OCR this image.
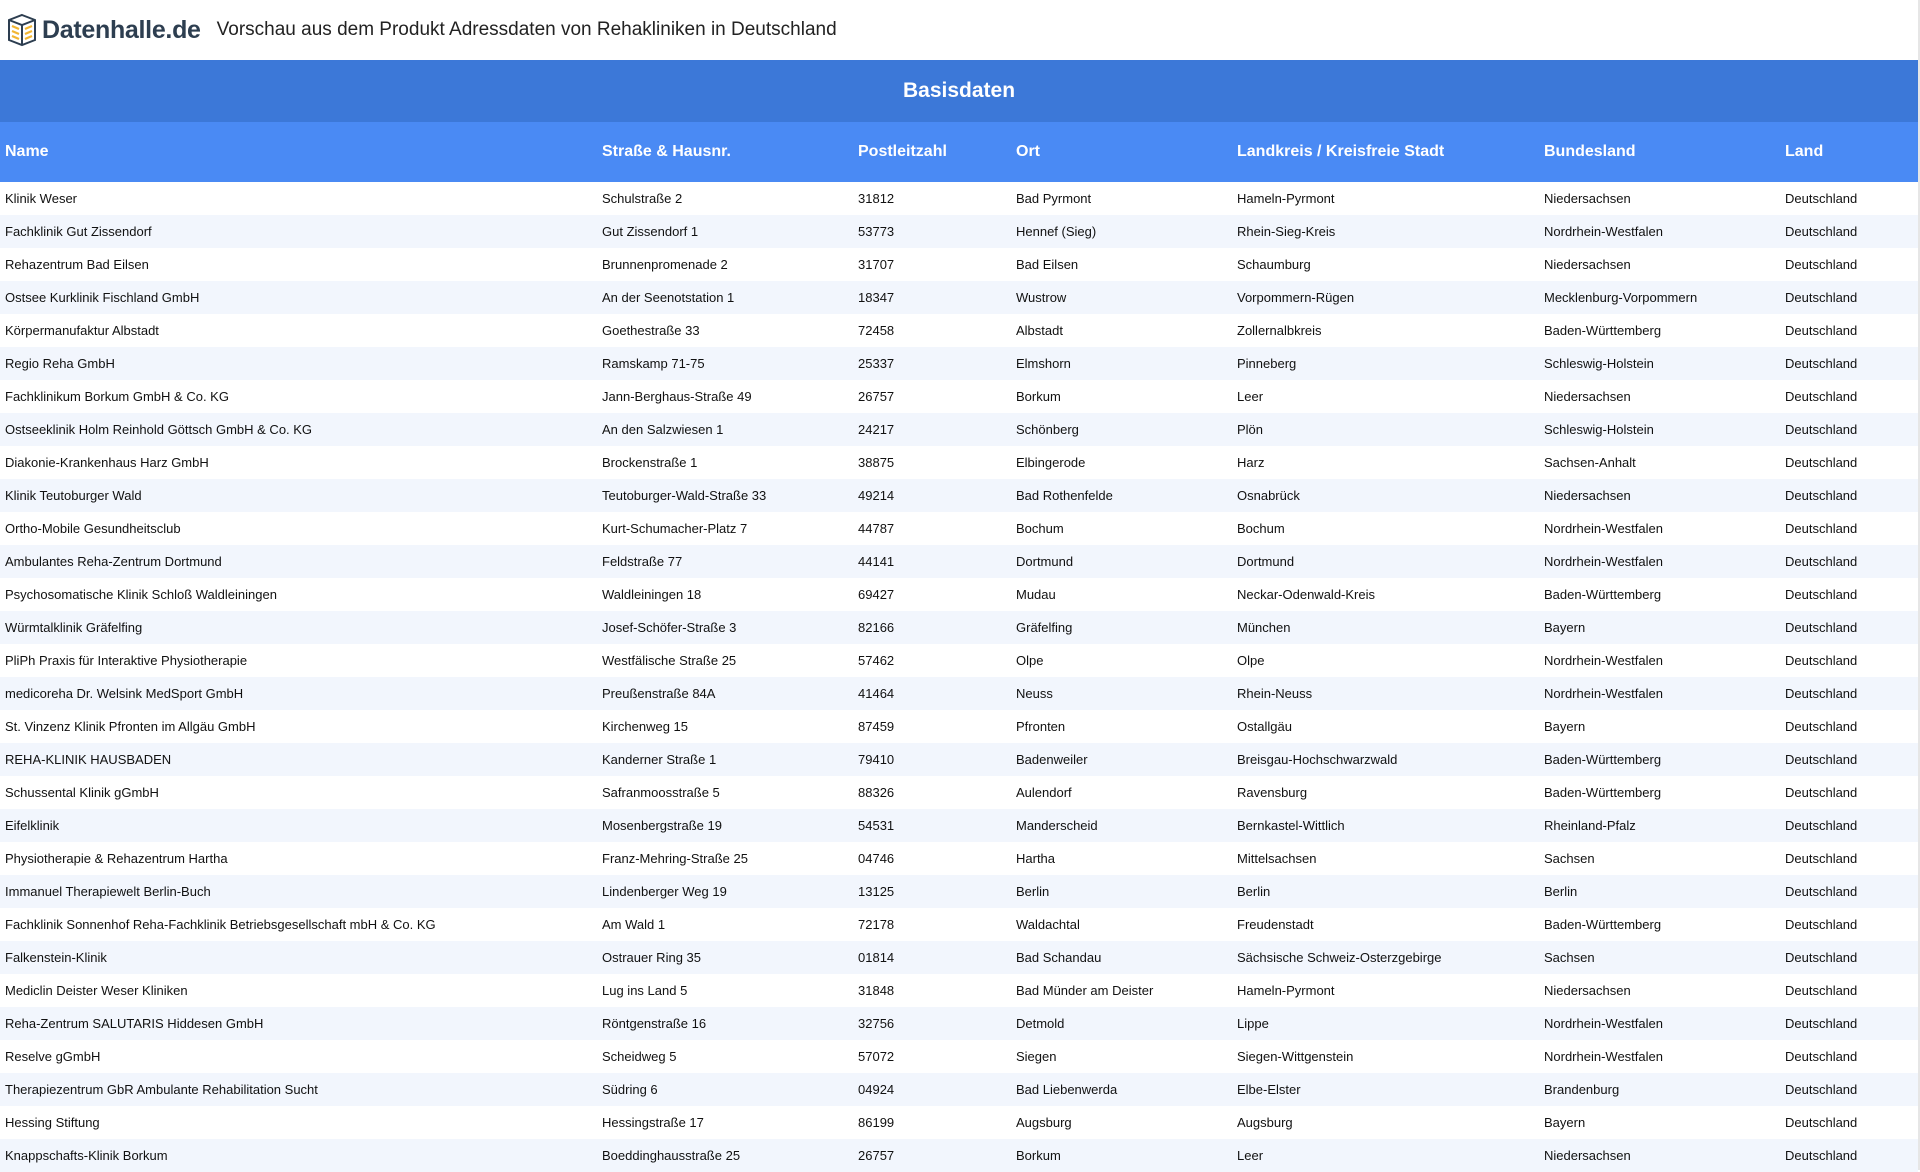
Datenhalle.de Vorschau aus dem Produkt Adressdaten von Rehakliniken in Deutschland
Basisdaten						
Name	Straße & Hausnr.	Postleitzahl	Ort	Landkreis / Kreisfreie Stadt	Bundesland	Land
Klinik Weser	Schulstraße 2	31812	Bad Pyrmont	Hameln-Pyrmont	Niedersachsen	Deutschland
Fachklinik Gut Zissendorf	Gut Zissendorf 1	53773	Hennef (Sieg)	Rhein-Sieg-Kreis	Nordrhein-Westfalen	Deutschland
Rehazentrum Bad Eilsen	Brunnenpromenade 2	31707	Bad Eilsen	Schaumburg	Niedersachsen	Deutschland
Ostsee Kurklinik Fischland GmbH	An der Seenotstation 1	18347	Wustrow	Vorpommern-Rügen	Mecklenburg-Vorpommern	Deutschland
Körpermanufaktur Albstadt	Goethestraße 33	72458	Albstadt	Zollernalbkreis	Baden-Württemberg	Deutschland
Regio Reha GmbH	Ramskamp 71-75	25337	Elmshorn	Pinneberg	Schleswig-Holstein	Deutschland
Fachklinikum Borkum GmbH & Co. KG	Jann-Berghaus-Straße 49	26757	Borkum	Leer	Niedersachsen	Deutschland
Ostseeklinik Holm Reinhold Göttsch GmbH & Co. KG	An den Salzwiesen 1	24217	Schönberg	Plön	Schleswig-Holstein	Deutschland
Diakonie-Krankenhaus Harz GmbH	Brockenstraße 1	38875	Elbingerode	Harz	Sachsen-Anhalt	Deutschland
Klinik Teutoburger Wald	Teutoburger-Wald-Straße 33	49214	Bad Rothenfelde	Osnabrück	Niedersachsen	Deutschland
Ortho-Mobile Gesundheitsclub	Kurt-Schumacher-Platz 7	44787	Bochum	Bochum	Nordrhein-Westfalen	Deutschland
Ambulantes Reha-Zentrum Dortmund	Feldstraße 77	44141	Dortmund	Dortmund	Nordrhein-Westfalen	Deutschland
Psychosomatische Klinik Schloß Waldleiningen	Waldleiningen 18	69427	Mudau	Neckar-Odenwald-Kreis	Baden-Württemberg	Deutschland
Würmtalklinik Gräfelfing	Josef-Schöfer-Straße 3	82166	Gräfelfing	München	Bayern	Deutschland
PliPh Praxis für Interaktive Physiotherapie	Westfälische Straße 25	57462	Olpe	Olpe	Nordrhein-Westfalen	Deutschland
medicoreha Dr. Welsink MedSport GmbH	Preußenstraße 84A	41464	Neuss	Rhein-Neuss	Nordrhein-Westfalen	Deutschland
St. Vinzenz Klinik Pfronten im Allgäu GmbH	Kirchenweg 15	87459	Pfronten	Ostallgäu	Bayern	Deutschland
REHA-KLINIK HAUSBADEN	Kanderner Straße 1	79410	Badenweiler	Breisgau-Hochschwarzwald	Baden-Württemberg	Deutschland
Schussental Klinik gGmbH	Safranmoosstraße 5	88326	Aulendorf	Ravensburg	Baden-Württemberg	Deutschland
Eifelklinik	Mosenbergstraße 19	54531	Manderscheid	Bernkastel-Wittlich	Rheinland-Pfalz	Deutschland
Physiotherapie & Rehazentrum Hartha	Franz-Mehring-Straße 25	04746	Hartha	Mittelsachsen	Sachsen	Deutschland
Immanuel Therapiewelt Berlin-Buch	Lindenberger Weg 19	13125	Berlin	Berlin	Berlin	Deutschland
Fachklinik Sonnenhof Reha-Fachklinik Betriebsgesellschaft mbH & Co. KG	Am Wald 1	72178	Waldachtal	Freudenstadt	Baden-Württemberg	Deutschland
Falkenstein-Klinik	Ostrauer Ring 35	01814	Bad Schandau	Sächsische Schweiz-Osterzgebirge	Sachsen	Deutschland
Mediclin Deister Weser Kliniken	Lug ins Land 5	31848	Bad Münder am Deister	Hameln-Pyrmont	Niedersachsen	Deutschland
Reha-Zentrum SALUTARIS Hiddesen GmbH	Röntgenstraße 16	32756	Detmold	Lippe	Nordrhein-Westfalen	Deutschland
Reselve gGmbH	Scheidweg 5	57072	Siegen	Siegen-Wittgenstein	Nordrhein-Westfalen	Deutschland
Therapiezentrum GbR Ambulante Rehabilitation Sucht	Südring 6	04924	Bad Liebenwerda	Elbe-Elster	Brandenburg	Deutschland
Hessing Stiftung	Hessingstraße 17	86199	Augsburg	Augsburg	Bayern	Deutschland
Knappschafts-Klinik Borkum	Boeddinghausstraße 25	26757	Borkum	Leer	Niedersachsen	Deutschland
